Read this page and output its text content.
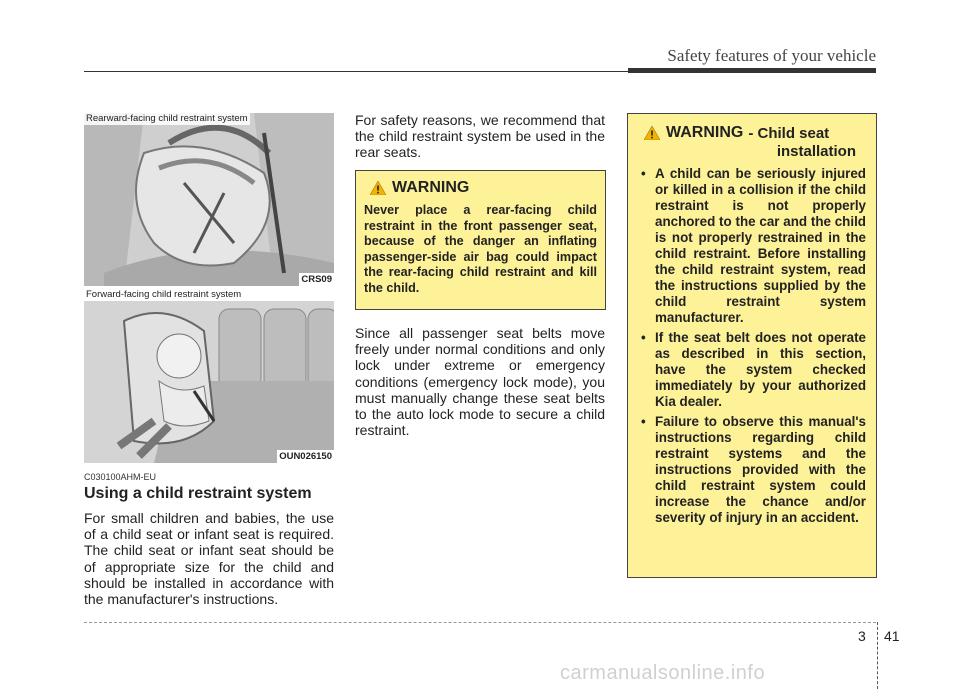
Safety features of your vehicle
Rearward-facing child restraint system
CRS09
Forward-facing child restraint system
OUN026150
C030100AHM-EU
Using a child restraint system
For small children and babies, the use of a child seat or infant seat is required. The child seat or infant seat should be of appropriate size for the child and should be installed in accordance with the manufacturer's instructions.
For safety reasons, we recommend that the child restraint system be used in the rear seats.
WARNING
Never place a rear-facing child restraint in the front passenger seat, because of the danger an inflating passenger-side air bag could impact the rear-facing child restraint and kill the child.
Since all passenger seat belts move freely under normal conditions and only lock under extreme or emergency conditions (emergency lock mode), you must manually change these seat belts to the auto lock mode to secure a child restraint.
WARNING - Child seat
installation
• A child can be seriously injured or killed in a collision if the child restraint is not properly anchored to the car and the child is not properly restrained in the child restraint. Before installing the child restraint system, read the instructions supplied by the child restraint system manufacturer.
• If the seat belt does not operate as described in this section, have the system checked immediately by your authorized Kia dealer.
• Failure to observe this manual's instructions regarding child restraint systems and the instructions provided with the child restraint system could increase the chance and/or severity of injury in an accident.
3 41
carmanualsonline.info
